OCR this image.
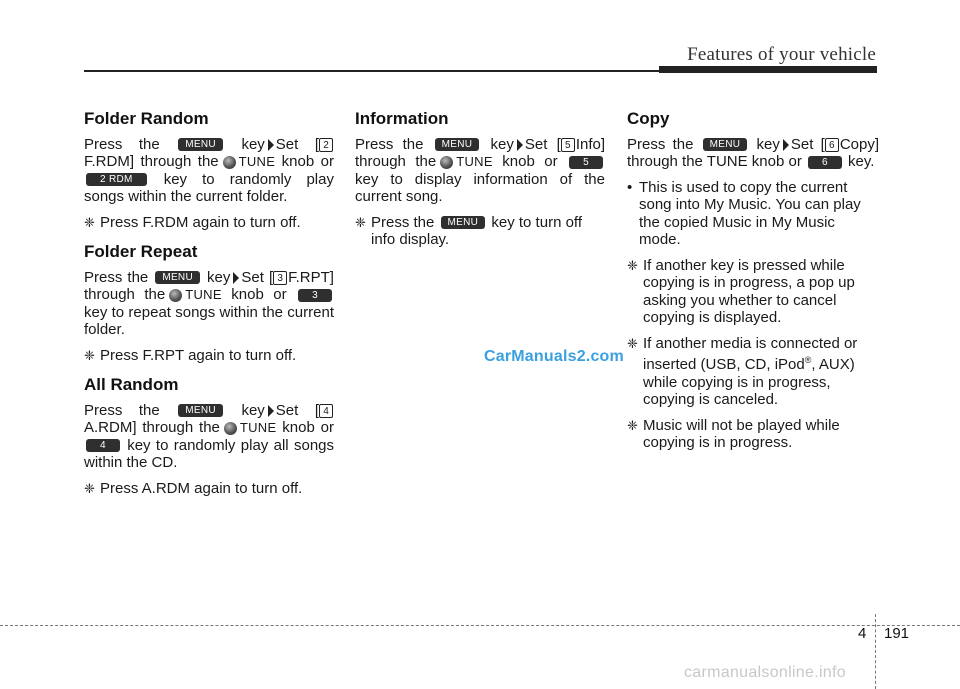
Features of your vehicle
Folder Random

Press the	MENU key Set [ 2F.RDM] through the TUNE knob or 2 RDM key to randomly play songs within the current folder.

❈ Press F.RDM again to turn off.
Folder Repeat

Press the MENU key Set [ 3 F.RPT] through the TUNE knob or	3 key to repeat songs within the current folder.

❈ Press F.RPT again to turn off.
All Random

Press the	MENU key Set [ 4A.RDM] through the TUNE knob or 4 key to randomly play all songs within the CD.

❈ Press A.RDM again to turn off.
Information

Press the MENU key Set [ 5 Info] through the TUNE knob or	5 key to display information of the current song.

❈ Press the MENU key to turn off info display.
Copy

Press the MENU key Set [ 6 Copy] through the TUNE knob or 6 key.

• This is used to copy the current song into My Music. You can play the copied Music in My Music mode.
❈ If another key is pressed while copying is in progress, a pop up asking you whether to cancel copying is displayed.
❈ If another media is connected or inserted (USB, CD, iPod®, AUX) while copying is in progress, copying is canceled.
❈ Music will not be played while copying is in progress.
CarManuals2.com
4 191
carmanualsonline.info
